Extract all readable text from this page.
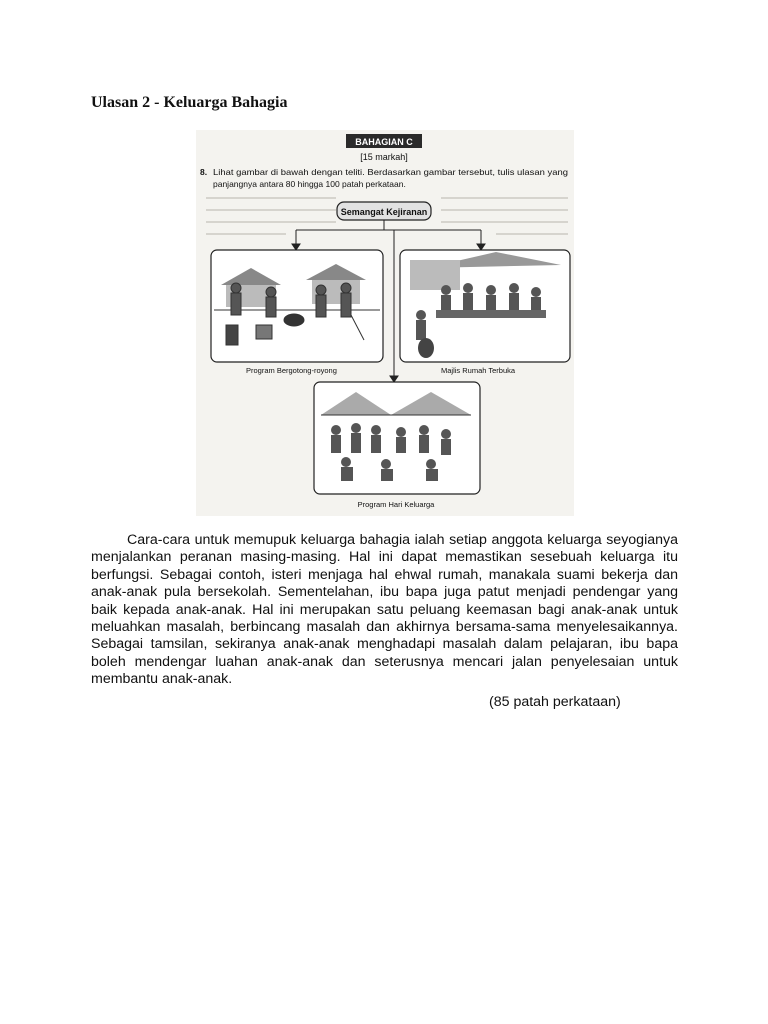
Ulasan 2 - Keluarga Bahagia
BAHAGIAN C
[15 markah]
8. Lihat gambar di bawah dengan teliti. Berdasarkan gambar tersebut, tulis ulasan yang
panjangnya antara 80 hingga 100 patah perkataan.
Semangat Kejiranan
Program Bergotong-royong	Majlis Rumah Terbuka
Program Hari Keluarga

Cara-cara untuk memupuk keluarga bahagia ialah setiap anggota keluarga seyogianya menjalankan peranan masing-masing. Hal ini dapat memastikan sesebuah keluarga itu berfungsi. Sebagai contoh, isteri menjaga hal ehwal rumah, manakala suami bekerja dan anak-anak pula bersekolah. Sementelahan, ibu bapa juga patut menjadi pendengar yang baik kepada anak-anak. Hal ini merupakan satu peluang keemasan bagi anak-anak untuk meluahkan masalah, berbincang masalah dan akhirnya bersama-sama menyelesaikannya. Sebagai tamsilan, sekiranya anak-anak menghadapi masalah dalam pelajaran, ibu bapa boleh mendengar luahan anak-anak dan seterusnya mencari jalan penyelesaian untuk membantu anak-anak.

(85 patah perkataan)
